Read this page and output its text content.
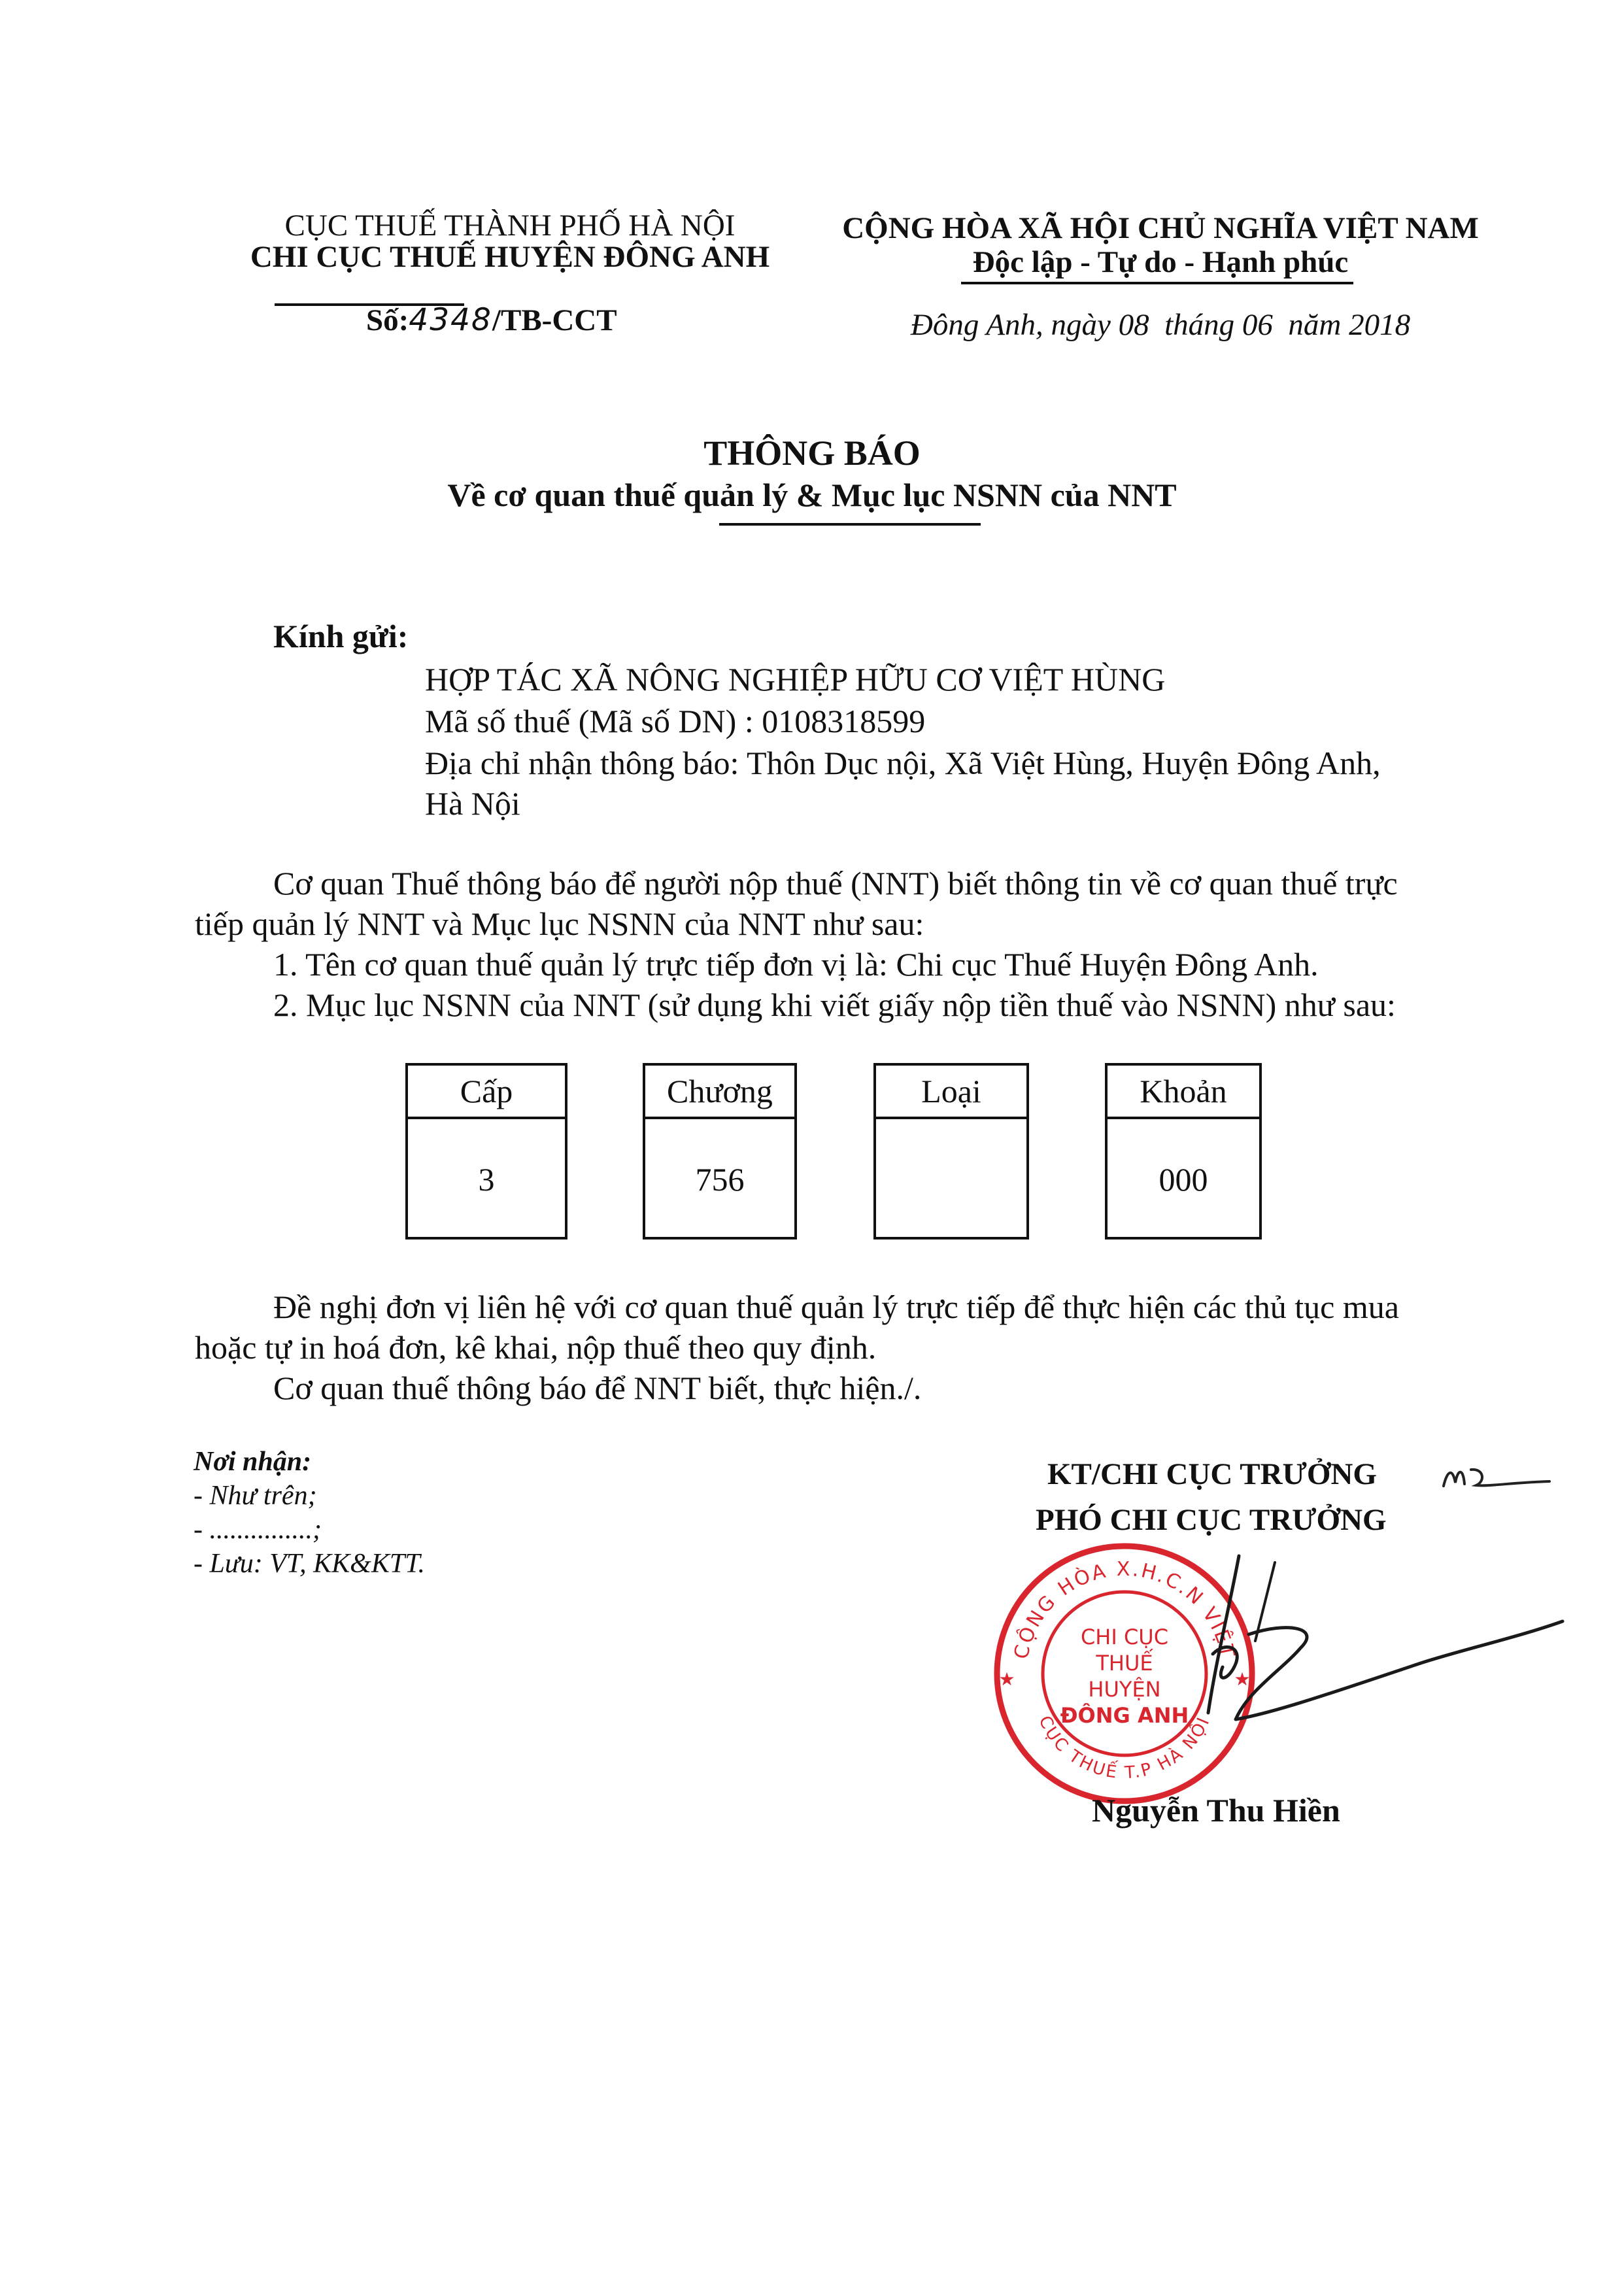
CỤC THUẾ THÀNH PHỐ HÀ NỘI
CHI CỤC THUẾ HUYỆN ĐÔNG ANH
Số:4348/TB-CCT
CỘNG HÒA XÃ HỘI CHỦ NGHĨA VIỆT NAM
Độc lập - Tự do - Hạnh phúc
Đông Anh, ngày 08  tháng 06  năm 2018
THÔNG BÁO
Về cơ quan thuế quản lý & Mục lục NSNN của NNT
Kính gửi:
HỢP TÁC XÃ NÔNG NGHIỆP HỮU CƠ VIỆT HÙNG
Mã số thuế (Mã số DN) : 0108318599
Địa chỉ nhận thông báo: Thôn Dục nội, Xã Việt Hùng, Huyện Đông Anh,
Hà Nội
Cơ quan Thuế thông báo để người nộp thuế (NNT) biết thông tin về cơ quan thuế trực
tiếp quản lý NNT và Mục lục NSNN của NNT như sau:
1. Tên cơ quan thuế quản lý trực tiếp đơn vị là: Chi cục Thuế Huyện Đông Anh.
2. Mục lục NSNN của NNT (sử dụng khi viết giấy nộp tiền thuế vào NSNN) như sau:
Cấp
3
Chương
756
Loại	Khoản
000
Đề nghị đơn vị liên hệ với cơ quan thuế quản lý trực tiếp để thực hiện các thủ tục mua
hoặc tự in hoá đơn, kê khai, nộp thuế theo quy định.
Cơ quan thuế thông báo để NNT biết, thực hiện./.
Nơi nhận:
- Như trên;
- ...............;
- Lưu: VT, KK&KTT.
KT/CHI CỤC TRƯỞNG
PHÓ CHI CỤC TRƯỞNG
CỘNG HÒA X.H.C.N VIỆT
CỤC THUẾ T.P HÀ NỘI
CHI CỤC
THUẾ
HUYỆN
ĐÔNG ANH
★	★
Nguyễn Thu Hiền
